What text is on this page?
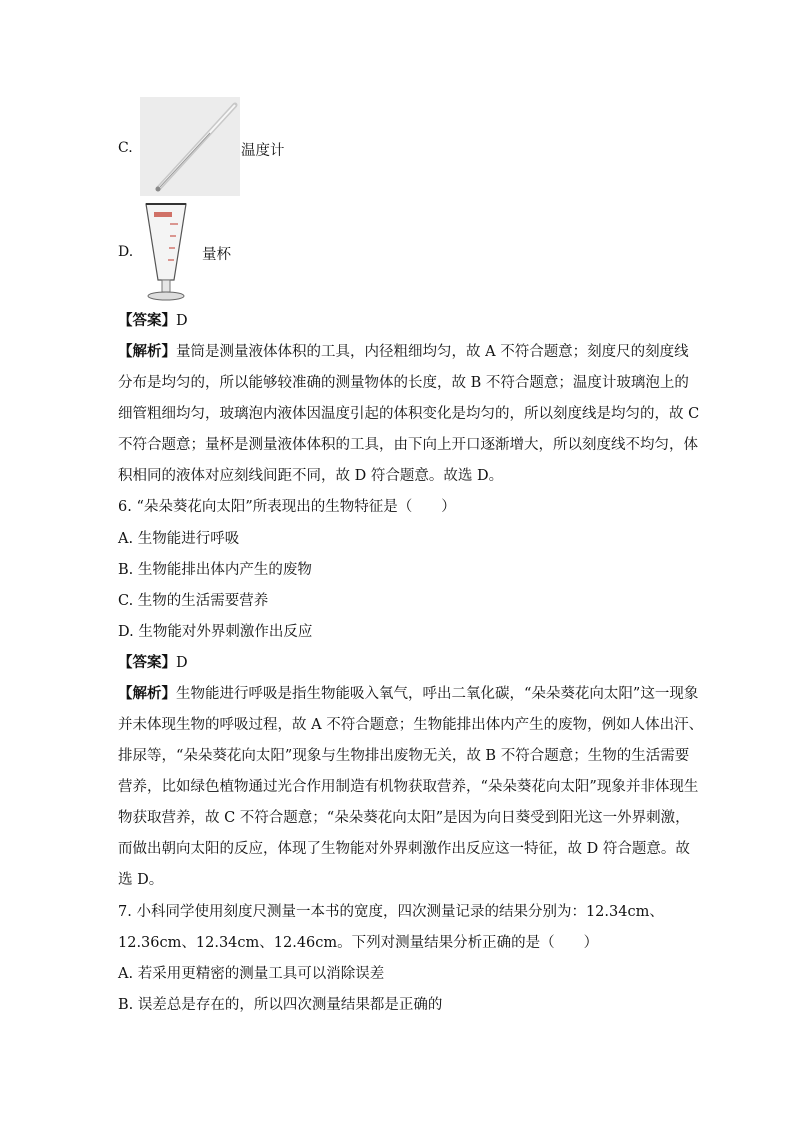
C.	温度计
D.	量杯
【答案】D
【解析】量筒是测量液体体积的工具，内径粗细均匀，故 A 不符合题意；刻度尺的刻度线
分布是均匀的，所以能够较准确的测量物体的长度，故 B 不符合题意；温度计玻璃泡上的
细管粗细均匀，玻璃泡内液体因温度引起的体积变化是均匀的，所以刻度线是均匀的，故 C
不符合题意；量杯是测量液体体积的工具，由下向上开口逐渐增大，所以刻度线不均匀，体
积相同的液体对应刻线间距不同，故 D 符合题意。故选 D。
6. “朵朵葵花向太阳”所表现出的生物特征是（　　）
A. 生物能进行呼吸
B. 生物能排出体内产生的废物
C. 生物的生活需要营养
D. 生物能对外界刺激作出反应
【答案】D
【解析】生物能进行呼吸是指生物能吸入氧气，呼出二氧化碳，“朵朵葵花向太阳”这一现象
并未体现生物的呼吸过程，故 A 不符合题意；生物能排出体内产生的废物，例如人体出汗、
排尿等，“朵朵葵花向太阳”现象与生物排出废物无关，故 B 不符合题意；生物的生活需要
营养，比如绿色植物通过光合作用制造有机物获取营养，“朵朵葵花向太阳”现象并非体现生
物获取营养，故 C 不符合题意；“朵朵葵花向太阳”是因为向日葵受到阳光这一外界刺激，
而做出朝向太阳的反应，体现了生物能对外界刺激作出反应这一特征，故 D 符合题意。故
选 D。
7. 小科同学使用刻度尺测量一本书的宽度，四次测量记录的结果分别为：12.34cm、
12.36cm、12.34cm、12.46cm。下列对测量结果分析正确的是（　　）
A. 若采用更精密的测量工具可以消除误差
B. 误差总是存在的，所以四次测量结果都是正确的
